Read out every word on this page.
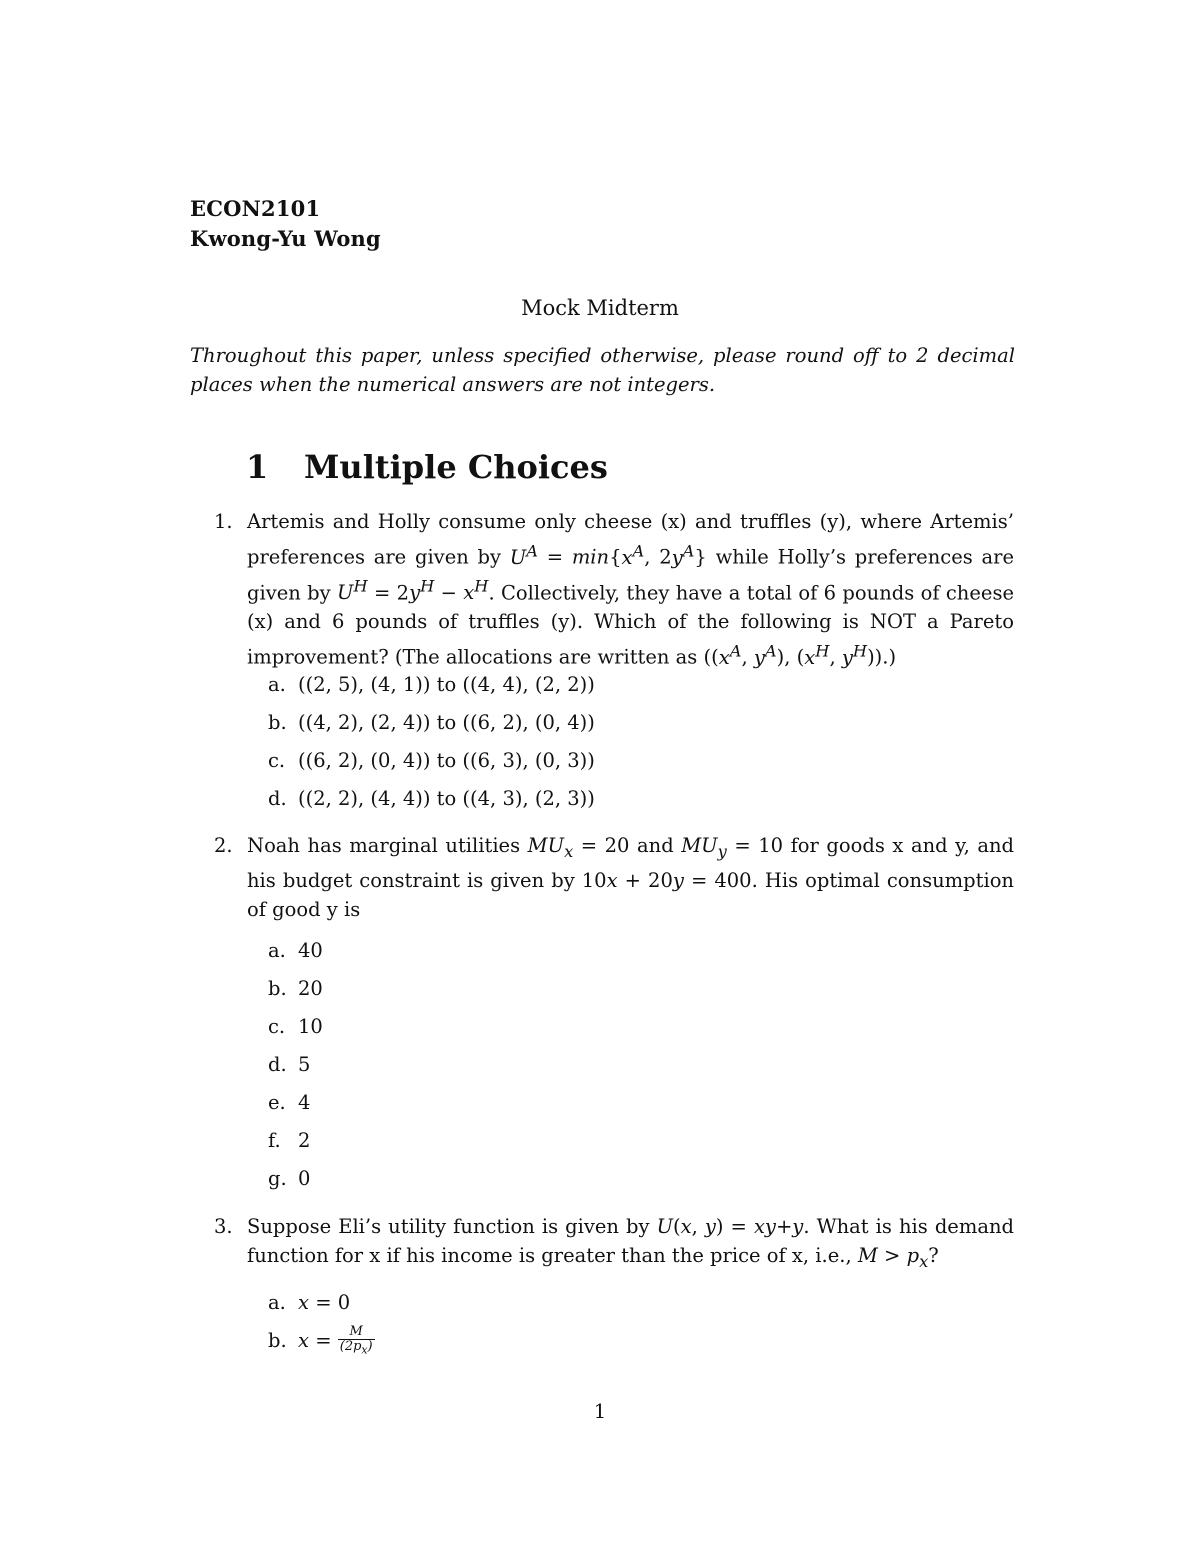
ECON2101
Kwong-Yu Wong
Mock Midterm
Throughout this paper, unless specified otherwise, please round off to 2 decimal places when the numerical answers are not integers.
1 Multiple Choices
1. Artemis and Holly consume only cheese (x) and truffles (y), where Artemis’ preferences are given by $U^A = \min\{x^A$, $2y^A$} while Holly’s preferences are given by $U^H = 2y^H - x^H$. Collectively, they have a total of 6 pounds of cheese (x) and 6 pounds of truffles (y). Which of the following is NOT a Pareto improvement? (The allocations are written as (($x^A$, $y^A$), ($x^H$, $y^H$)).)
a. ((2, 5), (4, 1)) to ((4, 4), (2, 2))
b. ((4, 2), (2, 4)) to ((6, 2), (0, 4))
c. ((6, 2), (0, 4)) to ((6, 3), (0, 3))
d. ((2, 2), (4, 4)) to ((4, 3), (2, 3))
2. Noah has marginal utilities $MU_x = 20$ and $MU_y = 10$ for goods x and y, and his budget constraint is given by 10x + 20y = 400. His optimal consumption of good y is
a. 40
b. 20
c. 10
d. 5
e. 4
f. 2
g. 0
3. Suppose Eli’s utility function is given by U(x, y) = xy+y. What is his demand function for x if his income is greater than the price of x, i.e., $M > p_x$?
a. x = 0
b. $x = \frac{M}{(2p_x)}$
1
